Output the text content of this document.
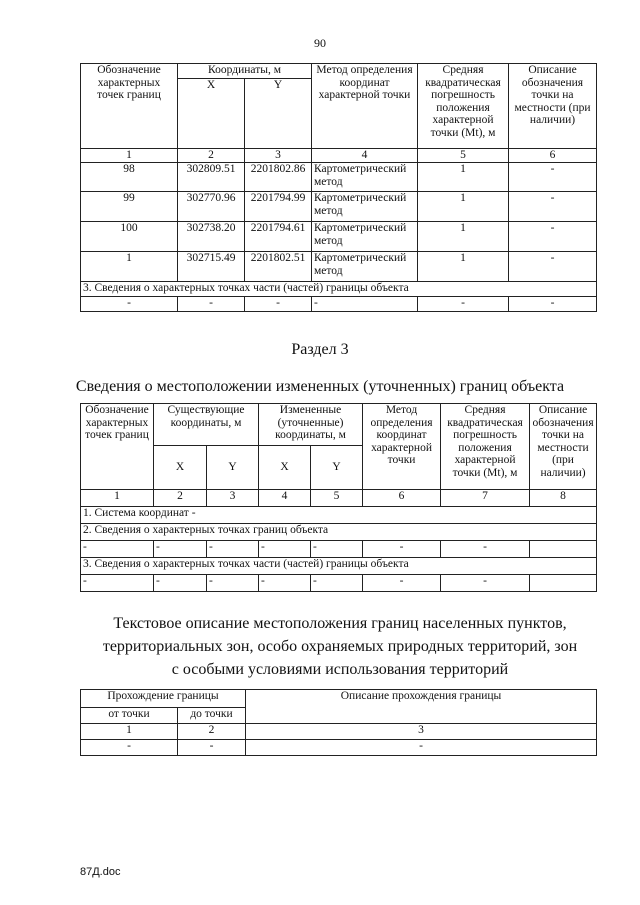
90
Обозначение характерных точек границ	Координаты, м		Метод определения координат характерной точки	Средняя квадратическая погрешность положения характерной точки (Mt), м	Описание обозначения точки на местности (при наличии)
	X	Y			
1	2	3	4	5	6
98	302809.51	2201802.86	Картометрический метод	1	-
99	302770.96	2201794.99	Картометрический метод	1	-
100	302738.20	2201794.61	Картометрический метод	1	-
1	302715.49	2201802.51	Картометрический метод	1	-
3. Сведения о характерных точках части (частей) границы объекта					
-	-	-	-	-	-
Раздел 3
Сведения о местоположении измененных (уточненных) границ объекта
Обозначение характерных точек границ	Существующие координаты, м		Измененные (уточненные) координаты, м		Метод определения координат характерной точки	Средняя квадратическая погрешность положения характерной точки (Mt), м	Описание обозначения точки на местности (при наличии)
	X	Y	X	Y			
1	2	3	4	5	6	7	8
1. Система координат -							
2. Сведения о характерных точках границ объекта							
-	-	-	-	-	-	-	
3. Сведения о характерных точках части (частей) границы объекта							
-	-	-	-	-	-	-	
Текстовое описание местоположения границ населенных пунктов,
территориальных зон, особо охраняемых природных территорий, зон
с особыми условиями использования территорий
Прохождение границы		Описание прохождения границы
от точки	до точки	
1	2	3
-	-	-
87Д.doc
